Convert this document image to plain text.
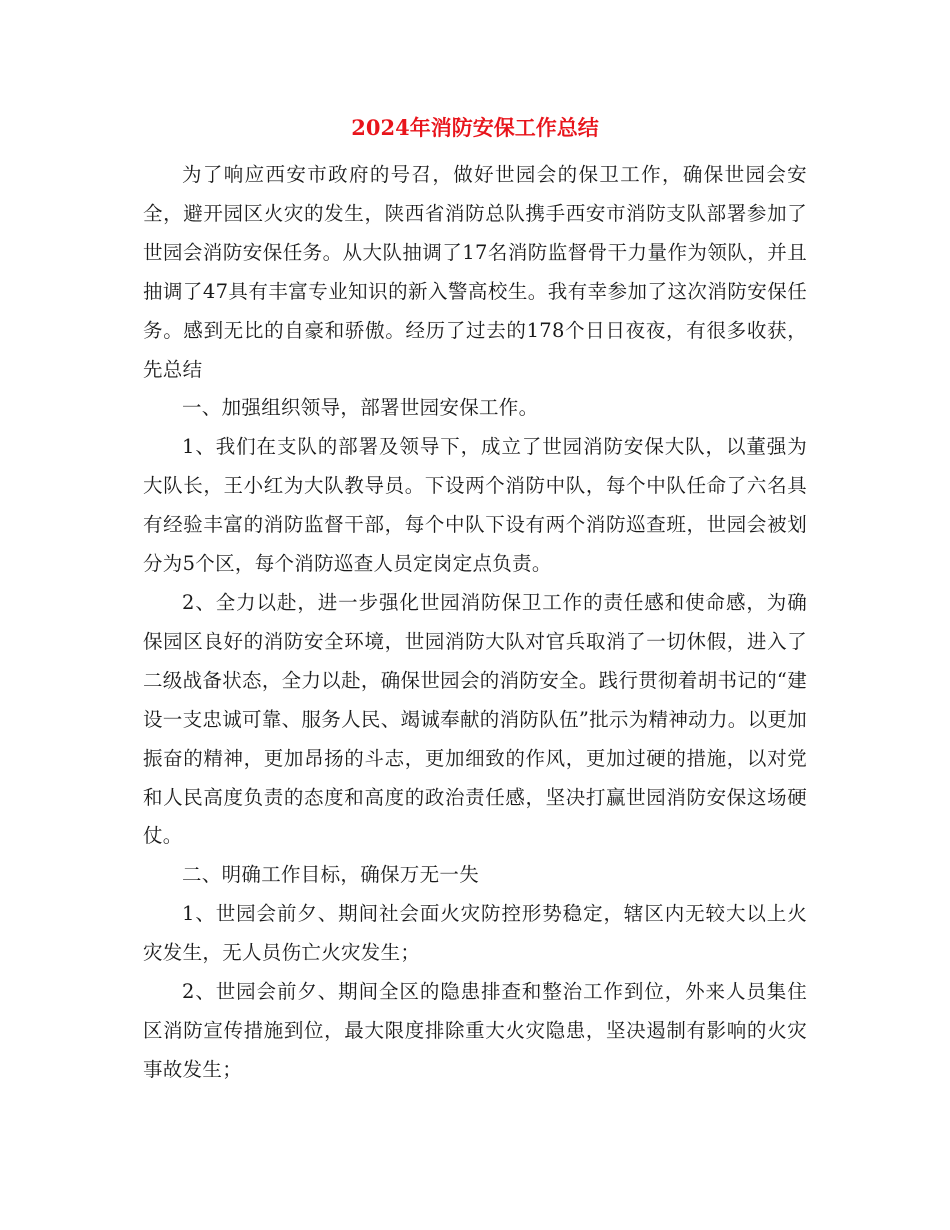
2024年消防安保工作总结

为了响应西安市政府的号召，做好世园会的保卫工作，确保世园会安全，避开园区火灾的发生，陕西省消防总队携手西安市消防支队部署参加了世园会消防安保任务。从大队抽调了17名消防监督骨干力量作为领队，并且抽调了47具有丰富专业知识的新入警高校生。我有幸参加了这次消防安保任务。感到无比的自豪和骄傲。经历了过去的178个日日夜夜，有很多收获，先总结

一、加强组织领导，部署世园安保工作。

1、我们在支队的部署及领导下，成立了世园消防安保大队，以董强为大队长，王小红为大队教导员。下设两个消防中队，每个中队任命了六名具有经验丰富的消防监督干部，每个中队下设有两个消防巡查班，世园会被划分为5个区，每个消防巡查人员定岗定点负责。

2、全力以赴，进一步强化世园消防保卫工作的责任感和使命感，为确保园区良好的消防安全环境，世园消防大队对官兵取消了一切休假，进入了二级战备状态，全力以赴，确保世园会的消防安全。践行贯彻着胡书记的“建设一支忠诚可靠、服务人民、竭诚奉献的消防队伍”批示为精神动力。以更加振奋的精神，更加昂扬的斗志，更加细致的作风，更加过硬的措施，以对党和人民高度负责的态度和高度的政治责任感，坚决打赢世园消防安保这场硬仗。

二、明确工作目标，确保万无一失

1、世园会前夕、期间社会面火灾防控形势稳定，辖区内无较大以上火灾发生，无人员伤亡火灾发生；

2、世园会前夕、期间全区的隐患排查和整治工作到位，外来人员集住区消防宣传措施到位，最大限度排除重大火灾隐患，坚决遏制有影响的火灾事故发生；
